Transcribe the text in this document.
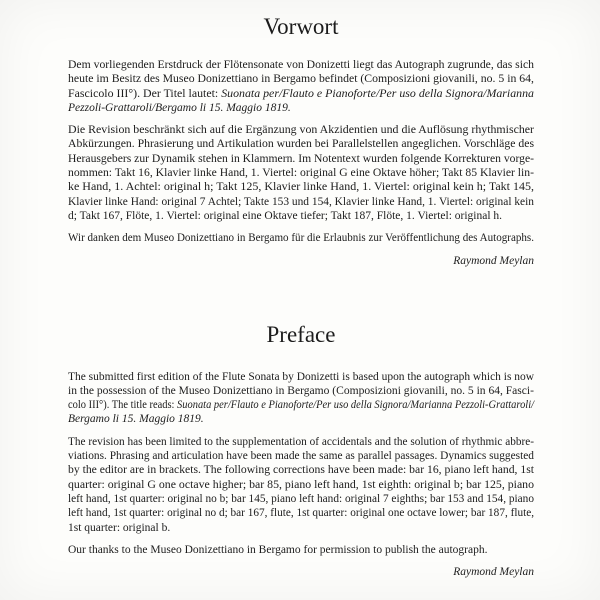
Vorwort
Dem vorliegenden Erstdruck der Flötensonate von Donizetti liegt das Autograph zugrunde, das sich
heute im Besitz des Museo Donizettiano in Bergamo befindet (Composizioni giovanili, no. 5 in 64,
Fascicolo III°). Der Titel lautet: Suonata per/Flauto e Pianoforte/Per uso della Signora/Marianna
Pezzoli-Grattaroli/Bergamo li 15. Maggio 1819.
Die Revision beschränkt sich auf die Ergänzung von Akzidentien und die Auflösung rhythmischer
Abkürzungen. Phrasierung und Artikulation wurden bei Parallelstellen angeglichen. Vorschläge des
Herausgebers zur Dynamik stehen in Klammern. Im Notentext wurden folgende Korrekturen vorge-
nommen: Takt 16, Klavier linke Hand, 1. Viertel: original G eine Oktave höher; Takt 85 Klavier lin-
ke Hand, 1. Achtel: original h; Takt 125, Klavier linke Hand, 1. Viertel: original kein h; Takt 145,
Klavier linke Hand: original 7 Achtel; Takte 153 und 154, Klavier linke Hand, 1. Viertel: original kein
d; Takt 167, Flöte, 1. Viertel: original eine Oktave tiefer; Takt 187, Flöte, 1. Viertel: original h.
Wir danken dem Museo Donizettiano in Bergamo für die Erlaubnis zur Veröffentlichung des Autographs.
Raymond Meylan
Preface
The submitted first edition of the Flute Sonata by Donizetti is based upon the autograph which is now
in the possession of the Museo Donizettiano in Bergamo (Composizioni giovanili, no. 5 in 64, Fasci-
colo III°). The title reads: Suonata per/Flauto e Pianoforte/Per uso della Signora/Marianna Pezzoli-Grattaroli/
Bergamo li 15. Maggio 1819.
The revision has been limited to the supplementation of accidentals and the solution of rhythmic abbre-
viations. Phrasing and articulation have been made the same as parallel passages. Dynamics suggested
by the editor are in brackets. The following corrections have been made: bar 16, piano left hand, 1st
quarter: original G one octave higher; bar 85, piano left hand, 1st eighth: original b; bar 125, piano
left hand, 1st quarter: original no b; bar 145, piano left hand: original 7 eighths; bar 153 and 154, piano
left hand, 1st quarter: original no d; bar 167, flute, 1st quarter: original one octave lower; bar 187, flute,
1st quarter: original b.
Our thanks to the Museo Donizettiano in Bergamo for permission to publish the autograph.
Raymond Meylan
